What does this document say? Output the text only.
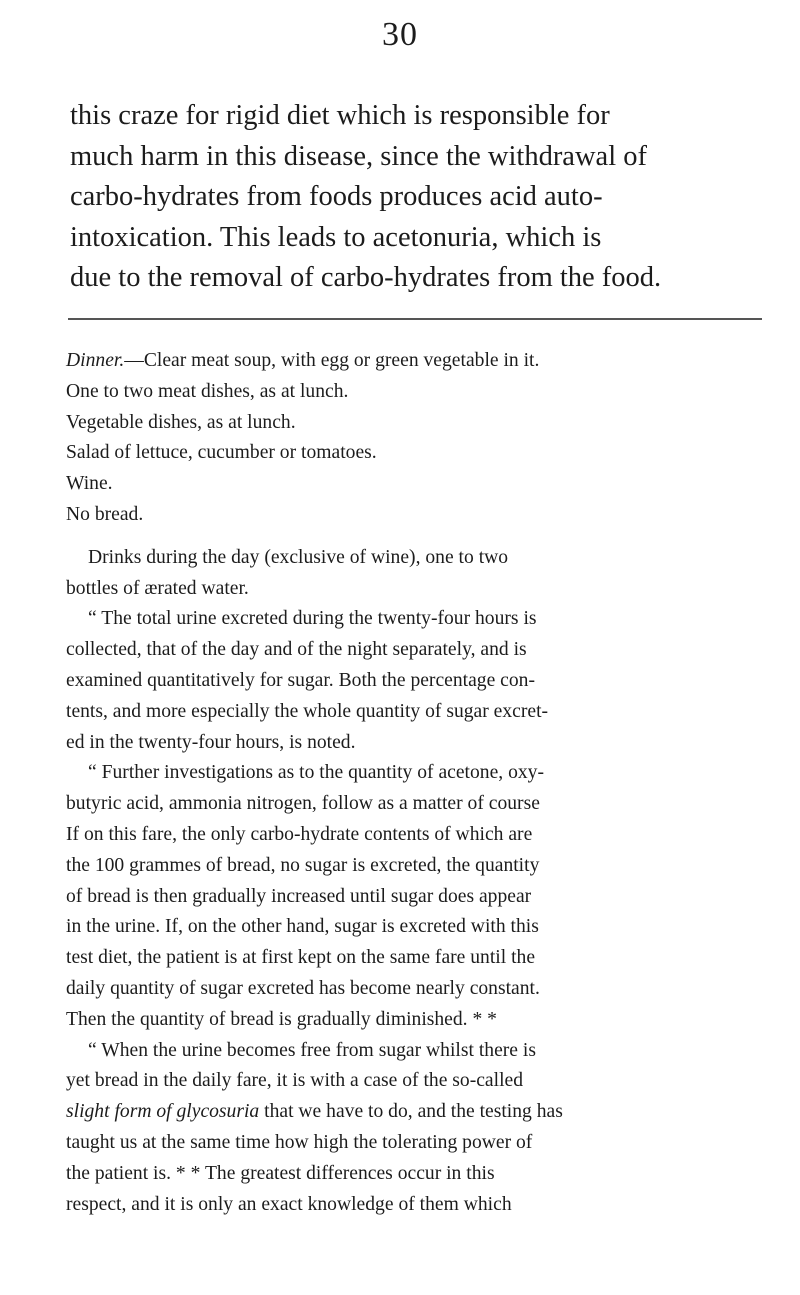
30
this craze for rigid diet which is responsible for
much harm in this disease, since the withdrawal of
carbo-hydrates from foods produces acid auto-
intoxication. This leads to acetonuria, which is
due to the removal of carbo-hydrates from the food.
Dinner.—Clear meat soup, with egg or green vegetable in it.
One to two meat dishes, as at lunch.
Vegetable dishes, as at lunch.
Salad of lettuce, cucumber or tomatoes.
Wine.
No bread.
Drinks during the day (exclusive of wine), one to two
bottles of ærated water.
“ The total urine excreted during the twenty-four hours is
collected, that of the day and of the night separately, and is
examined quantitatively for sugar. Both the percentage con-
tents, and more especially the whole quantity of sugar excret-
ed in the twenty-four hours, is noted.
“ Further investigations as to the quantity of acetone, oxy-
butyric acid, ammonia nitrogen, follow as a matter of course
If on this fare, the only carbo-hydrate contents of which are
the 100 grammes of bread, no sugar is excreted, the quantity
of bread is then gradually increased until sugar does appear
in the urine. If, on the other hand, sugar is excreted with this
test diet, the patient is at first kept on the same fare until the
daily quantity of sugar excreted has become nearly constant.
Then the quantity of bread is gradually diminished. * *
“ When the urine becomes free from sugar whilst there is
yet bread in the daily fare, it is with a case of the so-called
slight form of glycosuria that we have to do, and the testing has
taught us at the same time how high the tolerating power of
the patient is. * * The greatest differences occur in this
respect, and it is only an exact knowledge of them which
